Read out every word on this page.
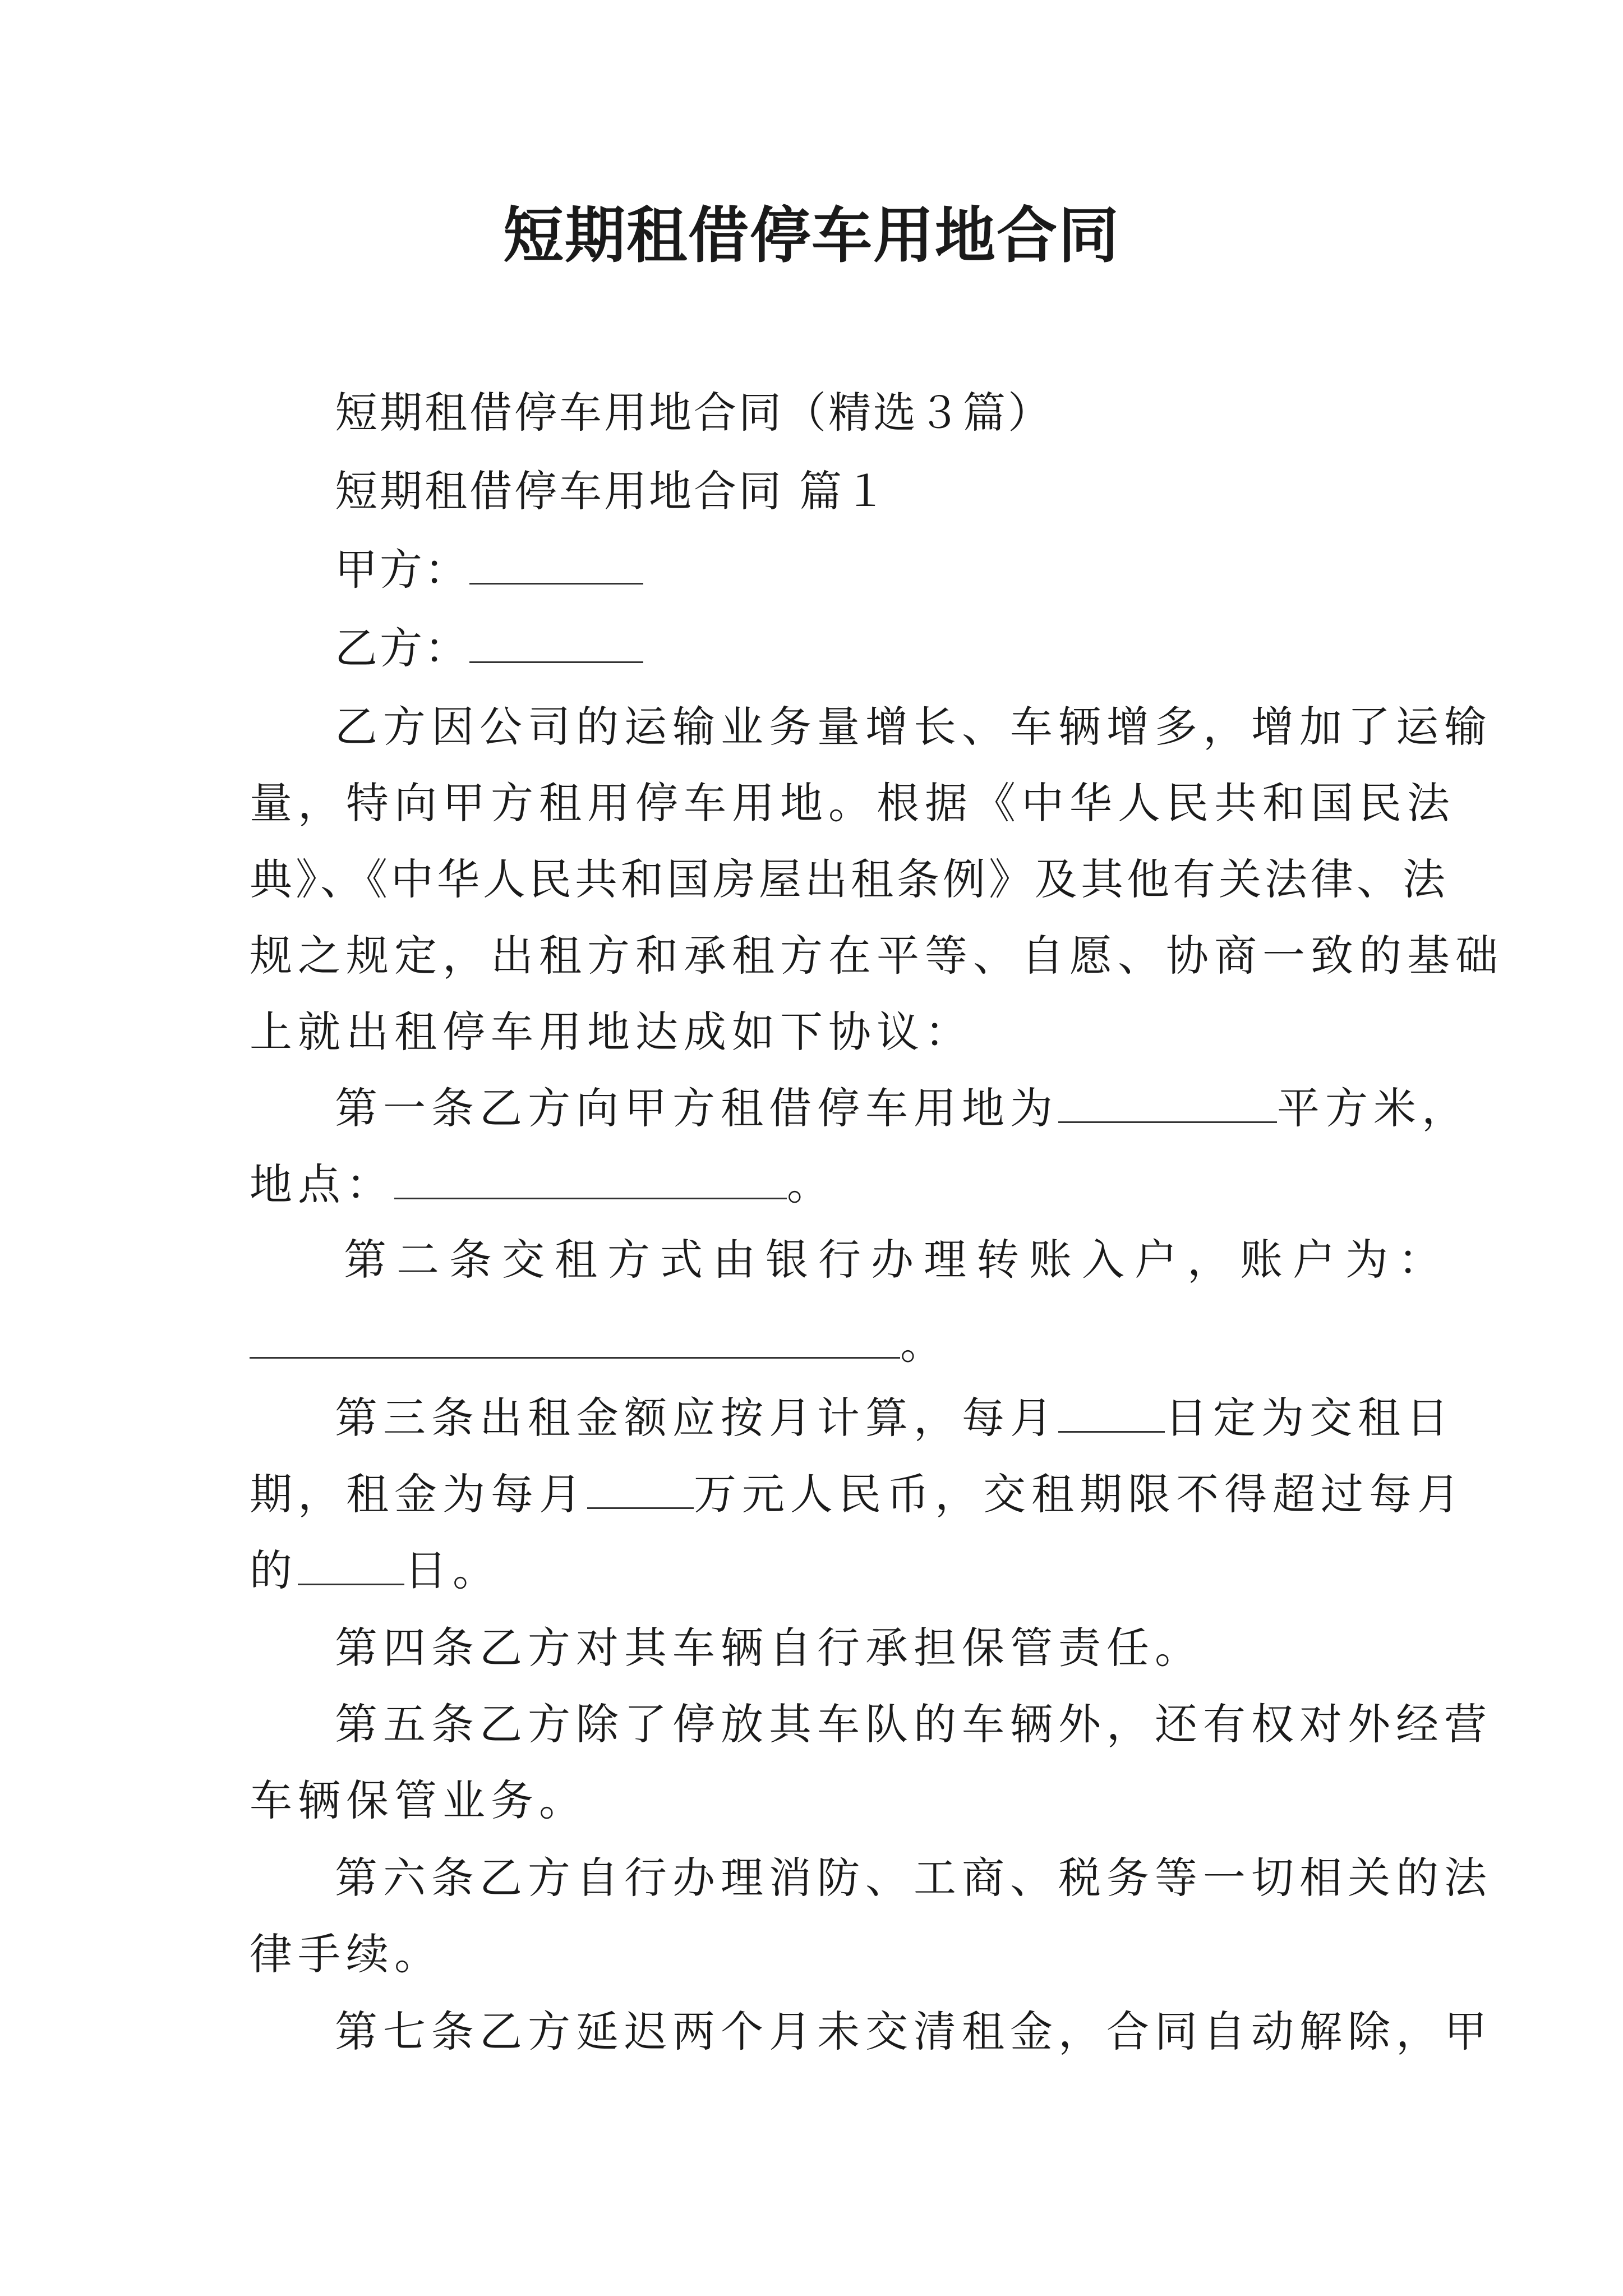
短期租借停车用地合同
短期租借停车用地合同（精选３篇）
短期租借停车用地合同 篇１
甲方：
乙方：
乙方因公司的运输业务量增长、车辆增多，增加了运输
量，特向甲方租用停车用地。根据《中华人民共和国民法
典》、《中华人民共和国房屋出租条例》及其他有关法律、法
规之规定，出租方和承租方在平等、自愿、协商一致的基础
上就出租停车用地达成如下协议：
第一条乙方向甲方租借停车用地为	平方米，
地点：	。
第二条交租方式由银行办理转账入户，账户为：
。
第三条出租金额应按月计算，每月	日定为交租日
期，租金为每月	万元人民币，交租期限不得超过每月
的	日。
第四条乙方对其车辆自行承担保管责任。
第五条乙方除了停放其车队的车辆外，还有权对外经营
车辆保管业务。
第六条乙方自行办理消防、工商、税务等一切相关的法
律手续。
第七条乙方延迟两个月未交清租金，合同自动解除，甲
